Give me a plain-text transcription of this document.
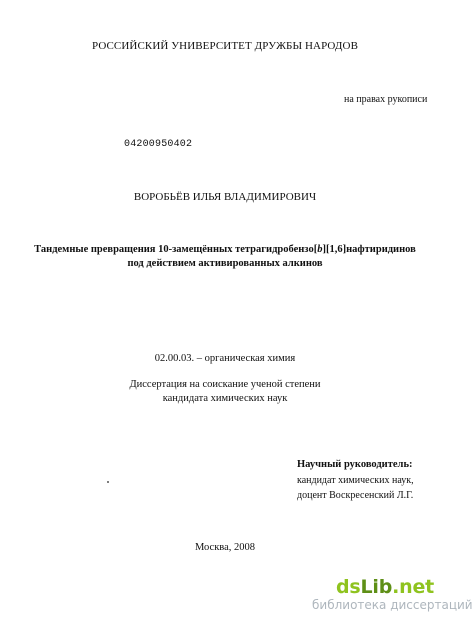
РОССИЙСКИЙ УНИВЕРСИТЕТ ДРУЖБЫ НАРОДОВ
на правах рукописи
04200950402
ВОРОБЬЁВ ИЛЬЯ ВЛАДИМИРОВИЧ
Тандемные превращения 10-замещённых тетрагидробензо[b][1,6]нафтиридинов
под действием активированных алкинов
02.00.03. – органическая химия
Диссертация на соискание ученой степени
кандидата химических наук
Научный руководитель:
кандидат химических наук,
доцент Воскресенский Л.Г.
Москва, 2008
dsLib.net
библиотека диссертаций
